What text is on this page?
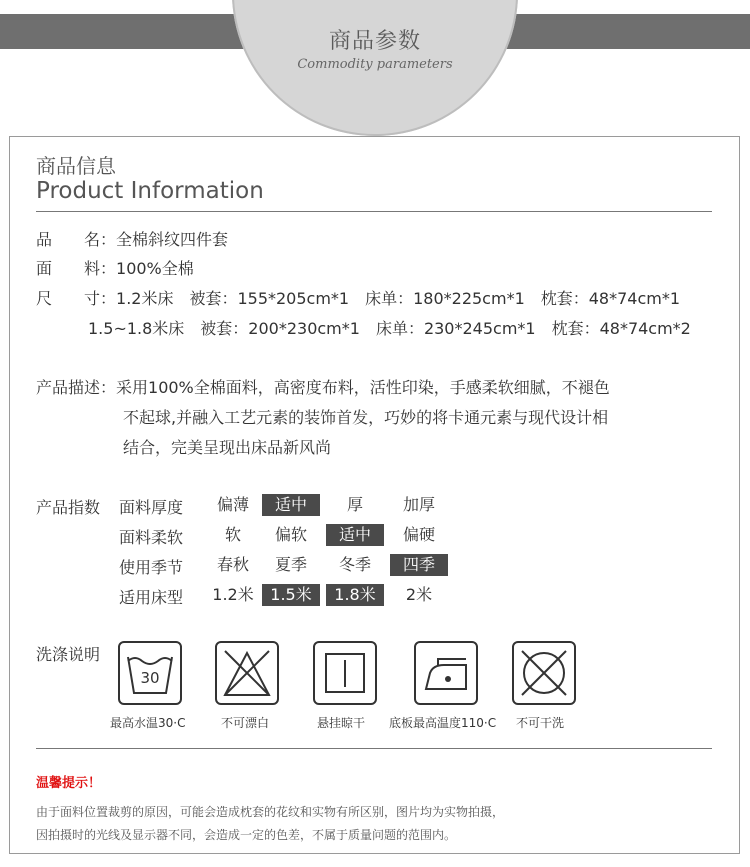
商品参数
Commodity parameters
商品信息
Product Information
品　　名：全棉斜纹四件套
面　　料：100%全棉
尺　　寸：1.2米床　被套：155*205cm*1　床单：180*225cm*1　枕套：48*74cm*1
1.5~1.8米床　被套：200*230cm*1　床单：230*245cm*1　枕套：48*74cm*2
产品描述：采用100%全棉面料，高密度布料，活性印染，手感柔软细腻，不褪色
不起球,并融入工艺元素的装饰首发，巧妙的将卡通元素与现代设计相
结合，完美呈现出床品新风尚
产品指数 面料厚度	偏薄	适中	厚	加厚
面料柔软	软	偏软	适中	偏硬
使用季节	春秋	夏季	冬季	四季
适用床型	1.2米	1.5米	1.8米	2米
洗涤说明
30
最高水温30·C	不可漂白	悬挂晾干 底板最高温度110·C 不可干洗
温馨提示！
由于面料位置裁剪的原因，可能会造成枕套的花纹和实物有所区别，图片均为实物拍摄，
因拍摄时的光线及显示器不同，会造成一定的色差，不属于质量问题的范围内。
